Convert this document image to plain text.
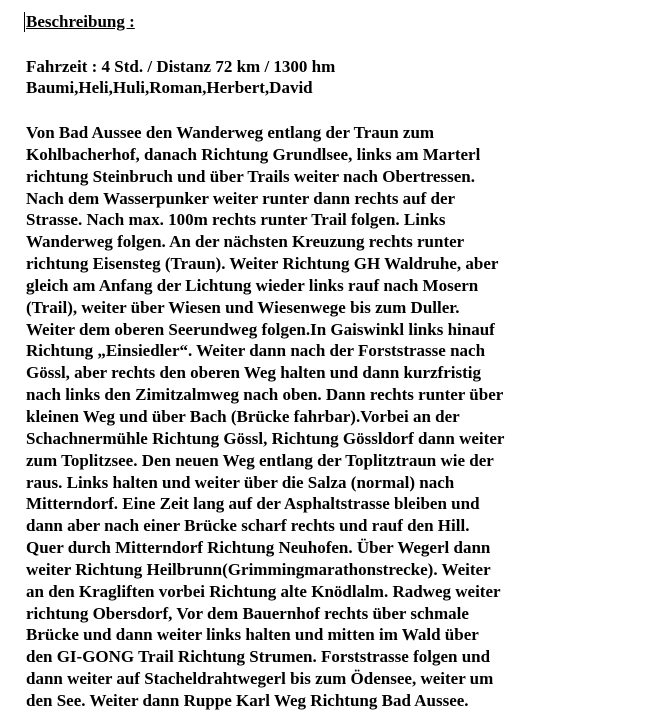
Beschreibung :

Fahrzeit : 4 Std. / Distanz 72 km / 1300 hm
Baumi,Heli,Huli,Roman,Herbert,David
Von Bad Aussee den Wanderweg entlang der Traun zum
Kohlbacherhof, danach Richtung Grundlsee, links am Marterl
richtung Steinbruch und über Trails weiter nach Obertressen.
Nach dem Wasserpunker weiter runter dann rechts auf der
Strasse. Nach max. 100m rechts runter Trail folgen. Links
Wanderweg folgen. An der nächsten Kreuzung rechts runter
richtung Eisensteg (Traun). Weiter Richtung GH Waldruhe, aber
gleich am Anfang der Lichtung wieder links rauf nach Mosern
(Trail), weiter über Wiesen und Wiesenwege bis zum Duller.
Weiter dem oberen Seerundweg folgen.In Gaiswinkl links hinauf
Richtung „Einsiedler“. Weiter dann nach der Forststrasse nach
Gössl, aber rechts den oberen Weg halten und dann kurzfristig
nach links den Zimitzalmweg nach oben. Dann rechts runter über
kleinen Weg und über Bach (Brücke fahrbar).Vorbei an der
Schachnermühle Richtung Gössl, Richtung Gössldorf dann weiter
zum Toplitzsee. Den neuen Weg entlang der Toplitztraun wie der
raus. Links halten und weiter über die Salza (normal) nach
Mitterndorf. Eine Zeit lang auf der Asphaltstrasse bleiben und
dann aber nach einer Brücke scharf rechts und rauf den Hill.
Quer durch Mitterndorf Richtung Neuhofen. Über Wegerl dann
weiter Richtung Heilbrunn(Grimmingmarathonstrecke). Weiter
an den Kragliften vorbei Richtung alte Knödlalm. Radweg weiter
richtung Obersdorf, Vor dem Bauernhof rechts über schmale
Brücke und dann weiter links halten und mitten im Wald über
den GI-GONG Trail Richtung Strumen. Forststrasse folgen und
dann weiter auf Stacheldrahtwegerl bis zum Ödensee, weiter um
den See. Weiter dann Ruppe Karl Weg Richtung Bad Aussee.
